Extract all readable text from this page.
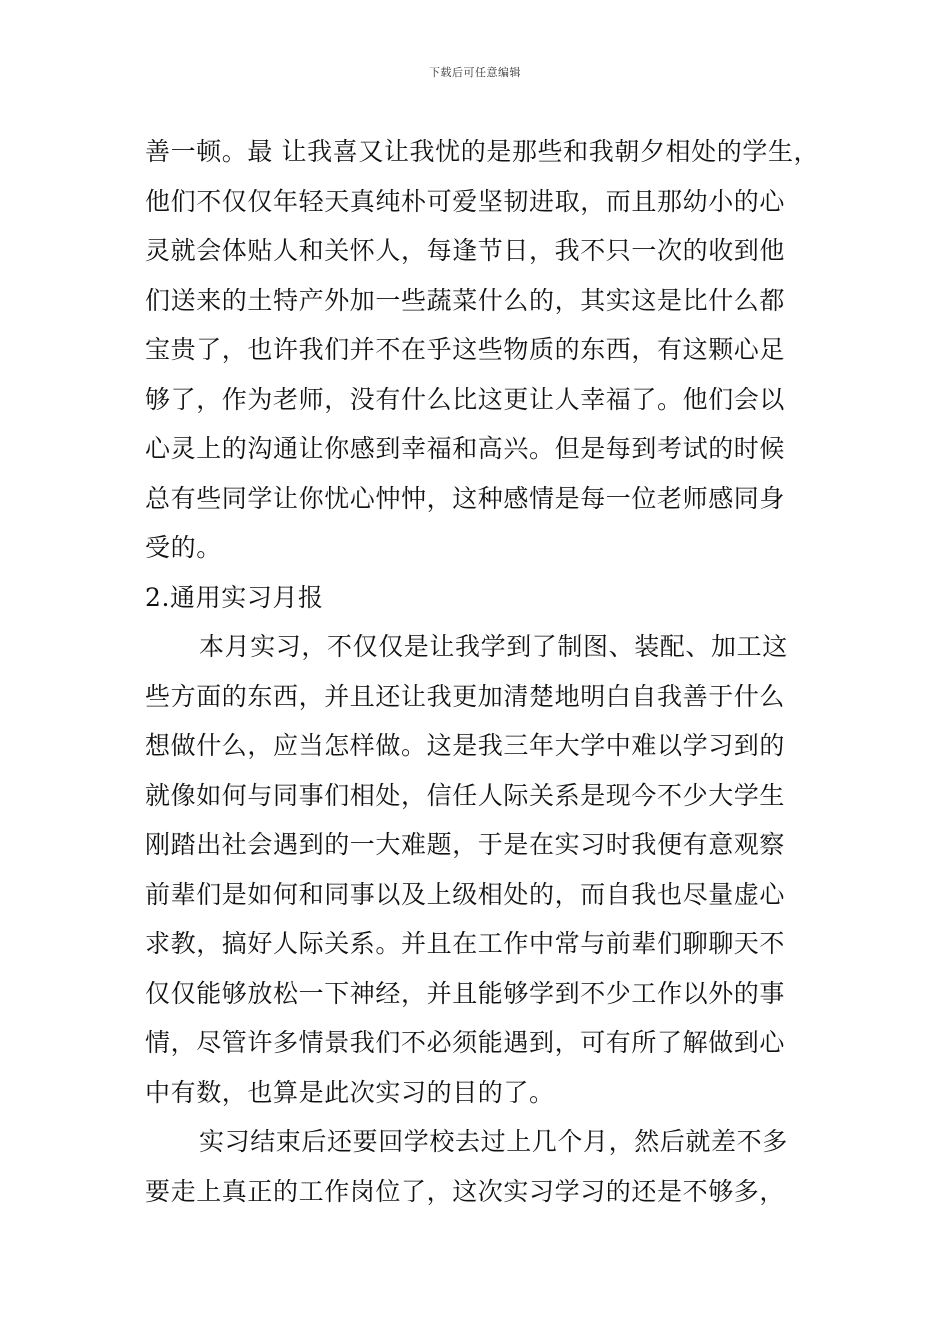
下载后可任意编辑
善一顿。最 让我喜又让我忧的是那些和我朝夕相处的学生，
他们不仅仅年轻天真纯朴可爱坚韧进取，而且那幼小的心
灵就会体贴人和关怀人，每逢节日，我不只一次的收到他
们送来的土特产外加一些蔬菜什么的，其实这是比什么都
宝贵了，也许我们并不在乎这些物质的东西，有这颗心足
够了，作为老师，没有什么比这更让人幸福了。他们会以
心灵上的沟通让你感到幸福和高兴。但是每到考试的时候
总有些同学让你忧心忡忡，这种感情是每一位老师感同身
受的。
2.通用实习月报
本月实习，不仅仅是让我学到了制图、装配、加工这
些方面的东西，并且还让我更加清楚地明白自我善于什么
想做什么，应当怎样做。这是我三年大学中难以学习到的
就像如何与同事们相处，信任人际关系是现今不少大学生
刚踏出社会遇到的一大难题，于是在实习时我便有意观察
前辈们是如何和同事以及上级相处的，而自我也尽量虚心
求教，搞好人际关系。并且在工作中常与前辈们聊聊天不
仅仅能够放松一下神经，并且能够学到不少工作以外的事
情，尽管许多情景我们不必须能遇到，可有所了解做到心
中有数，也算是此次实习的目的了。
实习结束后还要回学校去过上几个月，然后就差不多
要走上真正的工作岗位了，这次实习学习的还是不够多，
